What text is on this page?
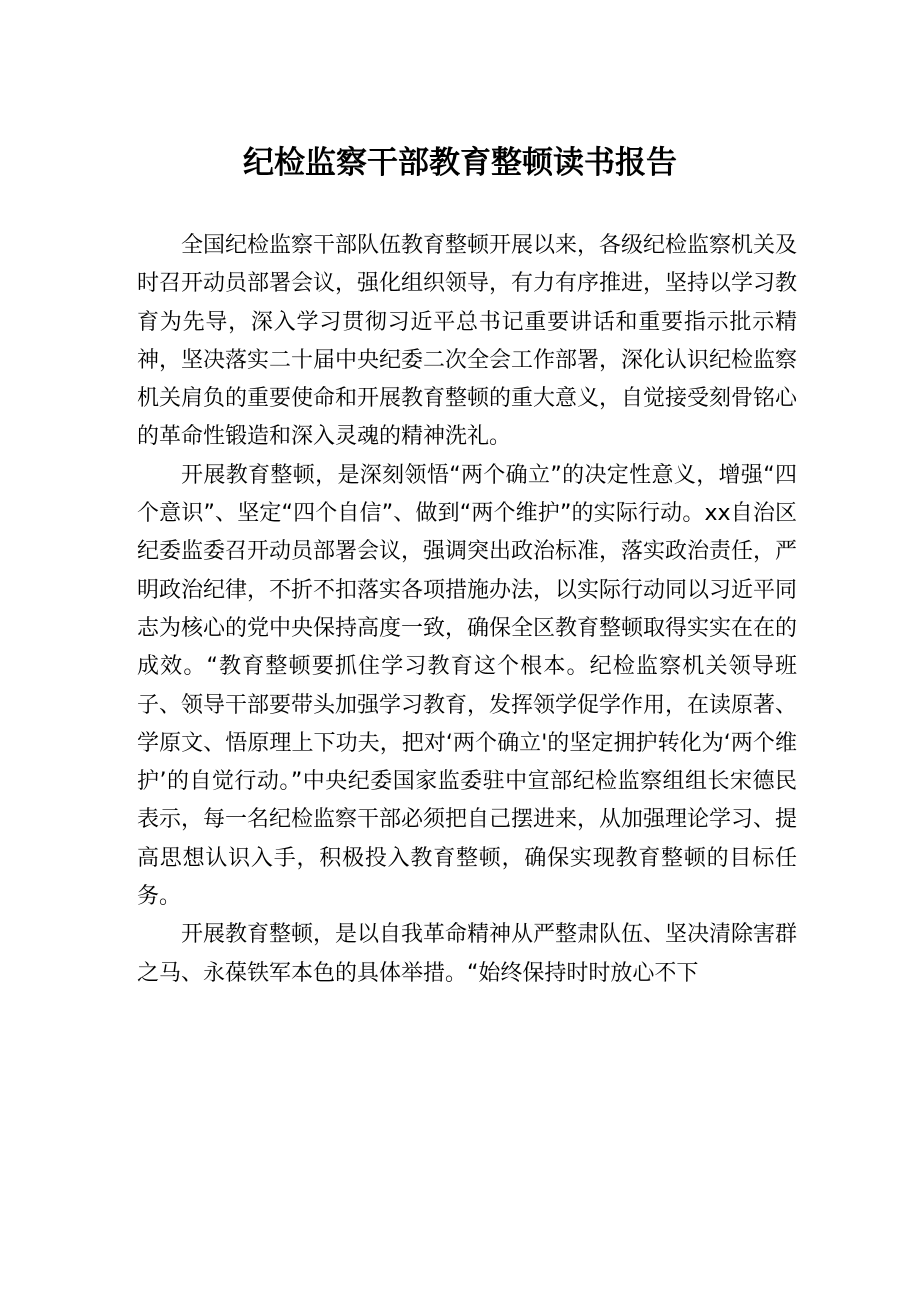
纪检监察干部教育整顿读书报告

全国纪检监察干部队伍教育整顿开展以来，各级纪检监察机关及时召开动员部署会议，强化组织领导，有力有序推进，坚持以学习教育为先导，深入学习贯彻习近平总书记重要讲话和重要指示批示精神，坚决落实二十届中央纪委二次全会工作部署，深化认识纪检监察机关肩负的重要使命和开展教育整顿的重大意义，自觉接受刻骨铭心的革命性锻造和深入灵魂的精神洗礼。

开展教育整顿，是深刻领悟“两个确立”的决定性意义，增强“四个意识”、坚定“四个自信”、做到“两个维护”的实际行动。xx自治区纪委监委召开动员部署会议，强调突出政治标准，落实政治责任，严明政治纪律，不折不扣落实各项措施办法，以实际行动同以习近平同志为核心的党中央保持高度一致，确保全区教育整顿取得实实在在的成效。“教育整顿要抓住学习教育这个根本。纪检监察机关领导班子、领导干部要带头加强学习教育，发挥领学促学作用，在读原著、学原文、悟原理上下功夫，把对‘两个确立'的坚定拥护转化为‘两个维护’的自觉行动。”中央纪委国家监委驻中宣部纪检监察组组长宋德民表示，每一名纪检监察干部必须把自己摆进来，从加强理论学习、提高思想认识入手，积极投入教育整顿，确保实现教育整顿的目标任务。

开展教育整顿，是以自我革命精神从严整肃队伍、坚决清除害群之马、永葆铁军本色的具体举措。“始终保持时时放心不下
